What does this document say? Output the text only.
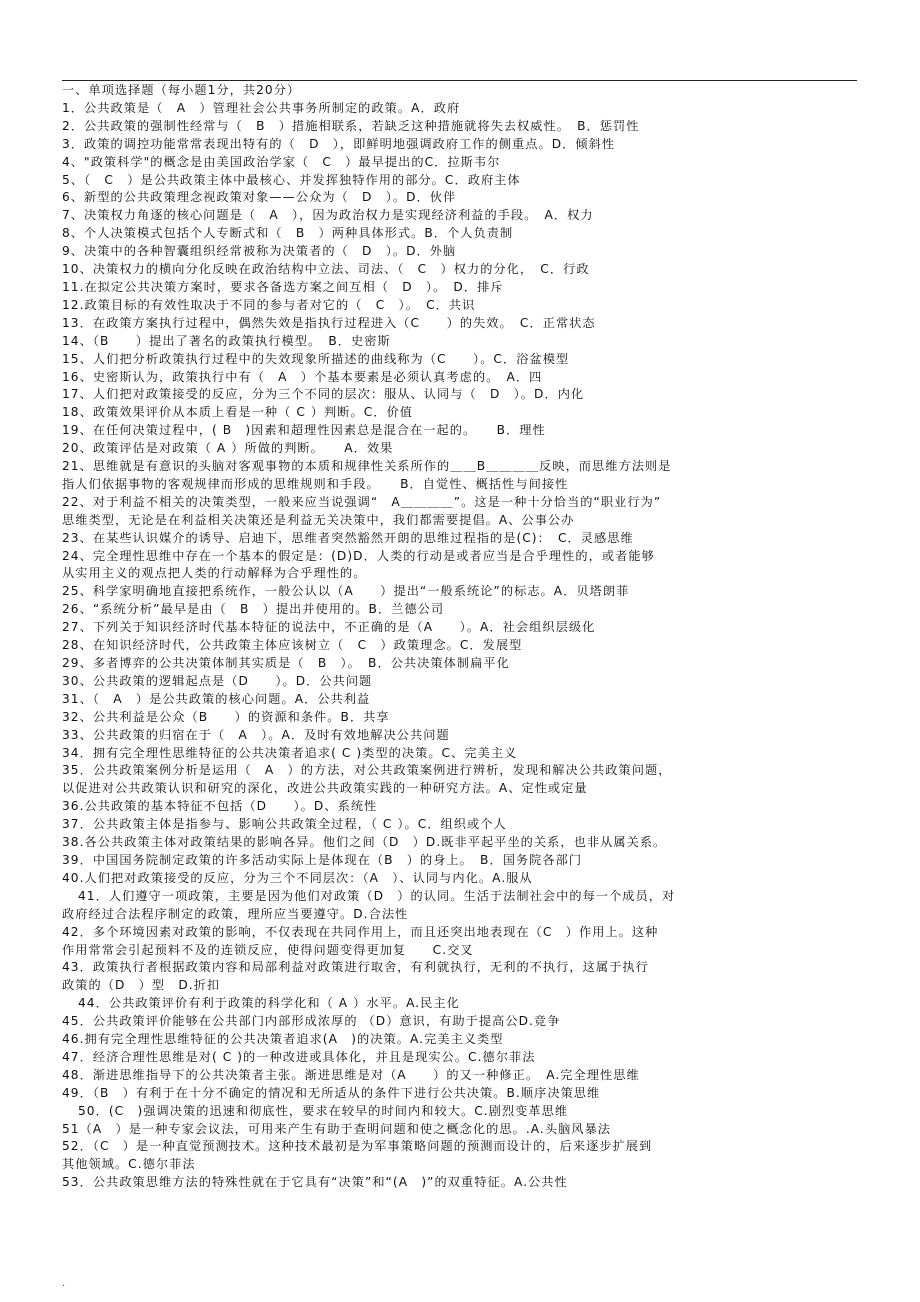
一、单项选择题（每小题1分，共20分）
1．公共政策是（　A　）管理社会公共事务所制定的政策。A．政府
2．公共政策的强制性经常与（　B　）措施相联系，若缺乏这种措施就将失去权威性。　B．惩罚性
3．政策的调控功能常常表现出特有的（　D　），即鲜明地强调政府工作的侧重点。D．倾斜性
4、"政策科学"的概念是由美国政治学家（　C　）最早提出的C．拉斯韦尔
5、（　C　）是公共政策主体中最核心、并发挥独特作用的部分。C．政府主体
6、新型的公共政策理念视政策对象——公众为（　D　）。D．伙伴
7、决策权力角逐的核心问题是（　A　），因为政治权力是实现经济利益的手段。　A．权力
8、个人决策模式包括个人专断式和（　B　）两种具体形式。B．个人负责制
9、决策中的各种智囊组织经常被称为决策者的（　D　）。D．外脑
10、决策权力的横向分化反映在政治结构中立法、司法、（　C　）权力的分化，　C．行政
11.在拟定公共决策方案时，要求各备选方案之间互相（　D　）。　D．排斥
12.政策目标的有效性取决于不同的参与者对它的（　C　）。　C．共识
13．在政策方案执行过程中，偶然失效是指执行过程进入（C　　）的失效。　C．正常状态
14、（B　　）提出了著名的政策执行模型。　B．史密斯
15、人们把分析政策执行过程中的失效现象所描述的曲线称为（C　　）。C．浴盆模型
16、史密斯认为，政策执行中有（　A　）个基本要素是必须认真考虑的。　A．四
17、人们把对政策接受的反应，分为三个不同的层次：服从、认同与（　D　）。D．内化
18、政策效果评价从本质上看是一种（ C ）判断。C．价值
19、在任何决策过程中，( B　)因素和超理性因素总是混合在一起的。　　B．理性
20、政策评估是对政策（ A ）所做的判断。　　A．效果
21、思维就是有意识的头脑对客观事物的本质和规律性关系所作的＿＿B＿＿＿＿反映，而思维方法则是
指人们依据事物的客观规律而形成的思维规则和手段。　　B．自觉性、概括性与间接性
22、对于利益不相关的决策类型，一般来应当说强调“　A＿＿＿＿”。这是一种十分恰当的“职业行为”
思维类型，无论是在利益相关决策还是利益无关决策中，我们都需要提倡。A、公事公办
23、在某些认识媒介的诱导、启迪下，思维者突然豁然开朗的思维过程指的是(C)：　C．灵感思维
24、完全理性思维中存在一个基本的假定是：(D)D．人类的行动是或者应当是合乎理性的，或者能够
从实用主义的观点把人类的行动解释为合乎理性的。
25、科学家明确地直接把系统作，一般公认以（A　　）提出“一般系统论”的标志。A．贝塔朗菲
26、“系统分析”最早是由（　B　）提出并使用的。B．兰德公司
27、下列关于知识经济时代基本特征的说法中，不正确的是（A　　）。A．社会组织层级化
28、在知识经济时代，公共政策主体应该树立（　C　）政策理念。C．发展型
29、多者博弈的公共决策体制其实质是（　B　）。　B．公共决策体制扁平化
30、公共政策的逻辑起点是（D　　）。D．公共问题
31、（　A　）是公共政策的核心问题。A．公共利益
32、公共利益是公众（B　　）的资源和条件。B．共享
33、公共政策的归宿在于（　A　）。A．及时有效地解决公共问题
34．拥有完全理性思维特征的公共决策者追求( C )类型的决策。C、完美主义
35．公共政策案例分析是运用（　A　）的方法，对公共政策案例进行辨析，发现和解决公共政策问题，
以促进对公共政策认识和研究的深化，改进公共政策实践的一种研究方法。A、定性或定量
36.公共政策的基本特征不包括（D　　）。D、系统性
37．公共政策主体是指参与、影响公共政策全过程，（ C ）。C．组织或个人
38.各公共政策主体对政策结果的影响各异。他们之间（D　）D.既非平起平坐的关系，也非从属关系。
39．中国国务院制定政策的许多活动实际上是体现在（B　）的身上。　B．国务院各部门
40.人们把对政策接受的反应，分为三个不同层次：（A　）、认同与内化。A.服从
41．人们遵守一项政策，主要是因为他们对政策（D　）的认同。生活于法制社会中的每一个成员，对
政府经过合法程序制定的政策，理所应当要遵守。D.合法性
42．多个环境因素对政策的影响，不仅表现在共同作用上，而且还突出地表现在（C　）作用上。这种
作用常常会引起预料不及的连锁反应，使得问题变得更加复　　C.交叉
43．政策执行者根据政策内容和局部利益对政策进行取舍，有利就执行，无利的不执行，这属于执行
政策的（D　）型　D.折扣
44．公共政策评价有利于政策的科学化和（ A ）水平。A.民主化
45．公共政策评价能够在公共部门内部形成浓厚的 （D）意识，有助于提高公D.竞争
46.拥有完全理性思维特征的公共决策者追求(A　)的决策。A.完美主义类型
47．经济合理性思维是对( C )的一种改进或具体化，并且是现实公。C.德尔菲法
48．渐进思维指导下的公共决策者主张。渐进思维是对（A　　）的又一种修正。　A.完全理性思维
49．（B　）有利于在十分不确定的情况和无所适从的条件下进行公共决策。B.顺序决策思维
50．(C　)强调决策的迅速和彻底性，要求在较早的时间内和较大。C.剧烈变革思维
51（A　）是一种专家会议法，可用来产生有助于查明问题和使之概念化的思。.A.头脑风暴法
52．（C　）是一种直觉预测技术。这种技术最初是为军事策略问题的预测而设计的，后来逐步扩展到
其他领域。C.德尔菲法
53．公共政策思维方法的特殊性就在于它具有“决策”和“(A　)”的双重特征。A.公共性
.
